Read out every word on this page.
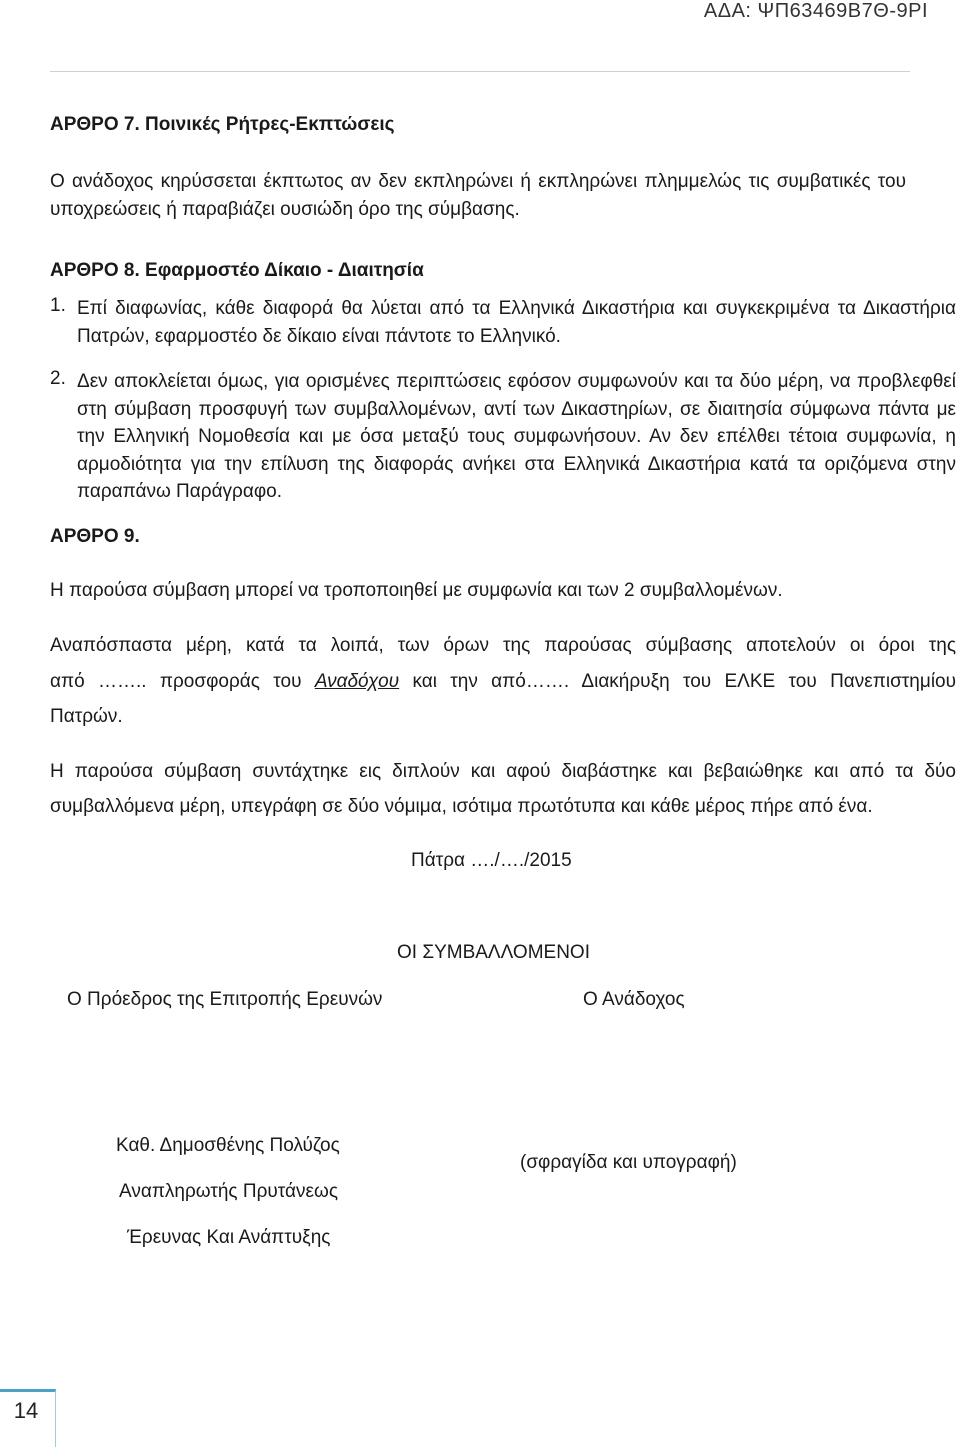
ΑΔΑ: ΨΠ63469Β7Θ-9ΡΙ
ΑΡΘΡΟ 7. Ποινικές Ρήτρες-Εκπτώσεις
Ο ανάδοχος κηρύσσεται έκπτωτος αν δεν εκπληρώνει ή εκπληρώνει πλημμελώς τις συμβατικές του υποχρεώσεις ή παραβιάζει ουσιώδη όρο της σύμβασης.
ΑΡΘΡΟ 8. Εφαρμοστέο Δίκαιο - Διαιτησία
1. Επί διαφωνίας, κάθε διαφορά θα λύεται από τα Ελληνικά Δικαστήρια και συγκεκριμένα τα Δικαστήρια Πατρών, εφαρμοστέο δε δίκαιο είναι πάντοτε το Ελληνικό.
2. Δεν αποκλείεται όμως, για ορισμένες περιπτώσεις εφόσον συμφωνούν και τα δύο μέρη, να προβλεφθεί στη σύμβαση προσφυγή των συμβαλλομένων, αντί των Δικαστηρίων, σε διαιτησία σύμφωνα πάντα με την Ελληνική Νομοθεσία και με όσα μεταξύ τους συμφωνήσουν. Αν δεν επέλθει τέτοια συμφωνία, η αρμοδιότητα για την επίλυση της διαφοράς ανήκει στα Ελληνικά Δικαστήρια κατά τα οριζόμενα στην παραπάνω Παράγραφο.
ΑΡΘΡΟ 9.
Η παρούσα σύμβαση μπορεί να τροποποιηθεί με συμφωνία και των 2 συμβαλλομένων.
Αναπόσπαστα μέρη, κατά τα λοιπά, των όρων της παρούσας σύμβασης αποτελούν οι όροι της
από …….. προσφοράς του Αναδόχου και την από……. Διακήρυξη του ΕΛΚΕ του Πανεπιστημίου
Πατρών.
Η παρούσα σύμβαση συντάχτηκε εις διπλούν και αφού διαβάστηκε και βεβαιώθηκε και από τα δύο
συμβαλλόμενα μέρη, υπεγράφη σε δύο νόμιμα, ισότιμα πρωτότυπα και κάθε μέρος πήρε από ένα.
Πάτρα …./…./2015
ΟΙ ΣΥΜΒΑΛΛΟΜΕΝΟΙ
Ο Πρόεδρος της Επιτροπής Ερευνών	Ο Ανάδοχος
Καθ. Δημοσθένης Πολύζος
(σφραγίδα και υπογραφή)
Αναπληρωτής Πρυτάνεως
Έρευνας Και Ανάπτυξης
14
